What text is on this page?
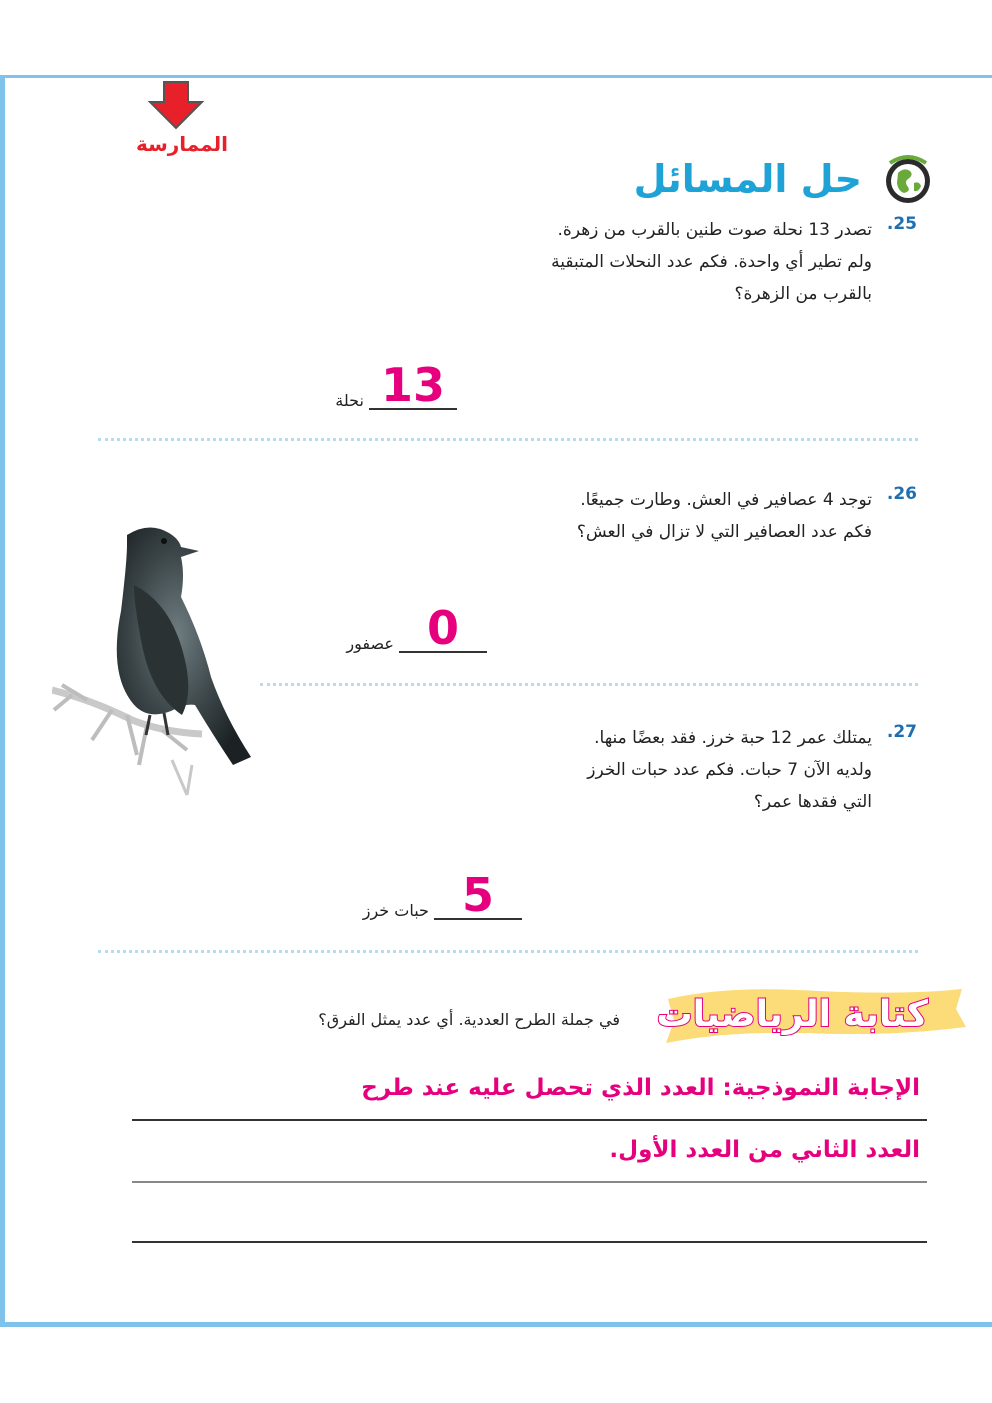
الممارسة
حل المسائل
25.
تصدر 13 نحلة صوت طنين بالقرب من زهرة.
ولم تطير أي واحدة. فكم عدد النحلات المتبقية
بالقرب من الزهرة؟
13 نحلة
26.
توجد 4 عصافير في العش. وطارت جميعًا.
فكم عدد العصافير التي لا تزال في العش؟
0 عصفور
27.
يمتلك عمر 12 حبة خرز. فقد بعضًا منها.
ولديه الآن 7 حبات. فكم عدد حبات الخرز
التي فقدها عمر؟
5 حبات خرز
كتابة الرياضيات
في جملة الطرح العددية. أي عدد يمثل الفرق؟
الإجابة النموذجية: العدد الذي تحصل عليه عند طرح
العدد الثاني من العدد الأول.
